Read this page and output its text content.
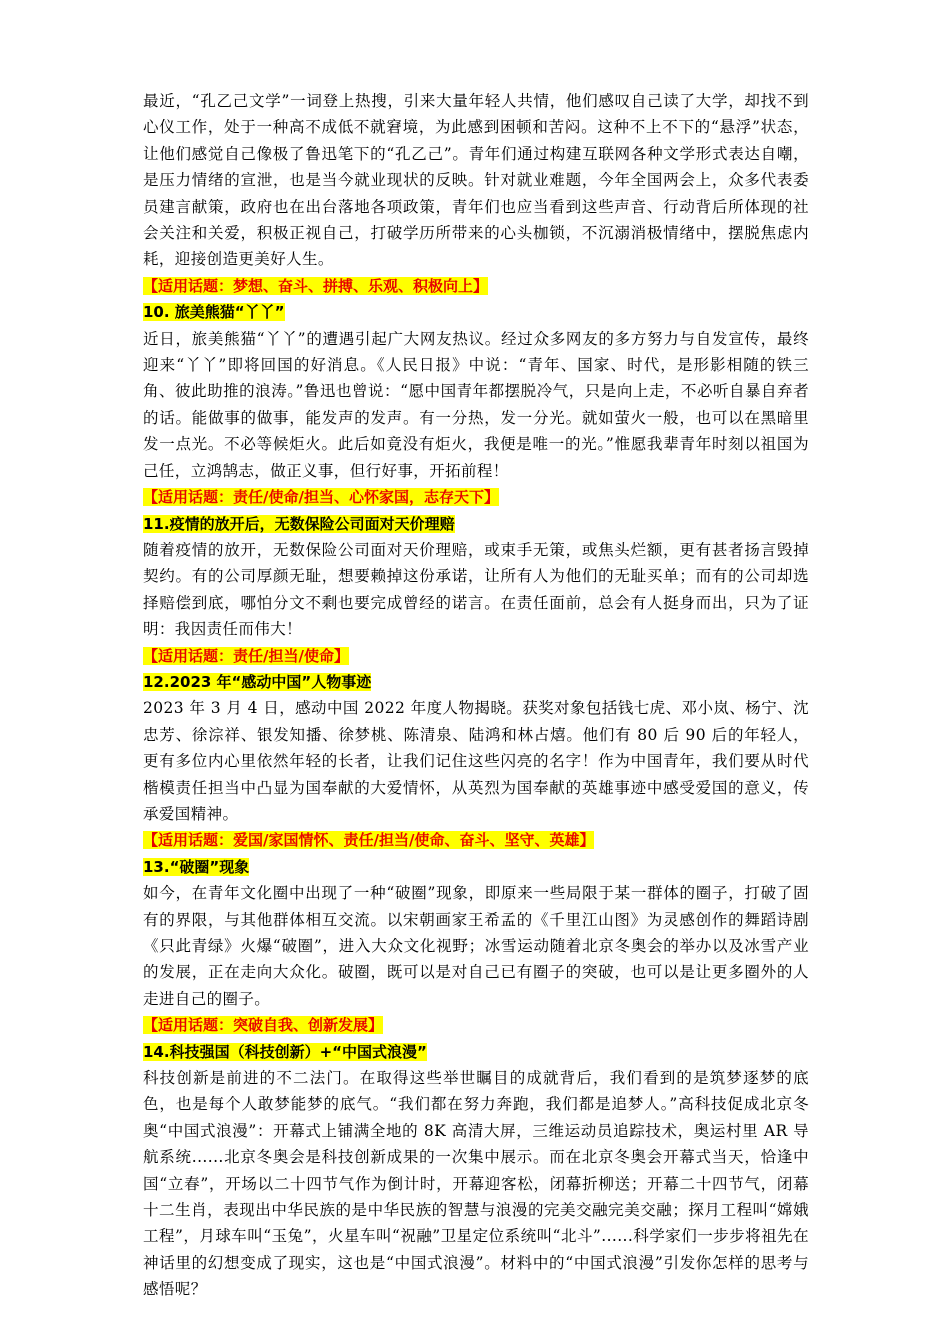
最近，“孔乙己文学”一词登上热搜，引来大量年轻人共情，他们感叹自己读了大学，却找不到心仪工作，处于一种高不成低不就窘境，为此感到困顿和苦闷。这种不上不下的“悬浮”状态，让他们感觉自己像极了鲁迅笔下的“孔乙己”。青年们通过构建互联网各种文学形式表达自嘲，是压力情绪的宣泄，也是当今就业现状的反映。针对就业难题，今年全国两会上，众多代表委员建言献策，政府也在出台落地各项政策，青年们也应当看到这些声音、行动背后所体现的社会关注和关爱，积极正视自己，打破学历所带来的心头枷锁，不沉溺消极情绪中，摆脱焦虑内耗，迎接创造更美好人生。

【适用话题：梦想、奋斗、拼搏、乐观、积极向上】

10. 旅美熊猫“丫丫”

近日，旅美熊猫“丫丫”的遭遇引起广大网友热议。经过众多网友的多方努力与自发宣传，最终迎来“丫丫”即将回国的好消息。《人民日报》中说：“青年、国家、时代，是形影相随的铁三角、彼此助推的浪涛。”鲁迅也曾说：“愿中国青年都摆脱冷气，只是向上走，不必听自暴自弃者的话。能做事的做事，能发声的发声。有一分热，发一分光。就如萤火一般，也可以在黑暗里发一点光。不必等候炬火。此后如竟没有炬火，我便是唯一的光。”惟愿我辈青年时刻以祖国为己任，立鸿鹄志，做正义事，但行好事，开拓前程！

【适用话题：责任/使命/担当、心怀家国，志存天下】

11.疫情的放开后，无数保险公司面对天价理赔

随着疫情的放开，无数保险公司面对天价理赔，或束手无策，或焦头烂额，更有甚者扬言毁掉契约。有的公司厚颜无耻，想要赖掉这份承诺，让所有人为他们的无耻买单；而有的公司却选择赔偿到底，哪怕分文不剩也要完成曾经的诺言。在责任面前，总会有人挺身而出，只为了证明：我因责任而伟大！

【适用话题：责任/担当/使命】

12.2023 年“感动中国”人物事迹

2023 年 3 月 4 日，感动中国 2022 年度人物揭晓。获奖对象包括钱七虎、邓小岚、杨宁、沈忠芳、徐淙祥、银发知播、徐梦桃、陈清泉、陆鸿和林占熺。他们有 80 后 90 后的年轻人，更有多位内心里依然年轻的长者，让我们记住这些闪亮的名字！作为中国青年，我们要从时代楷模责任担当中凸显为国奉献的大爱情怀，从英烈为国奉献的英雄事迹中感受爱国的意义，传承爱国精神。

【适用话题：爱国/家国情怀、责任/担当/使命、奋斗、坚守、英雄】

13.“破圈”现象

如今，在青年文化圈中出现了一种“破圈”现象，即原来一些局限于某一群体的圈子，打破了固有的界限，与其他群体相互交流。以宋朝画家王希孟的《千里江山图》为灵感创作的舞蹈诗剧《只此青绿》火爆“破圈”，进入大众文化视野；冰雪运动随着北京冬奥会的举办以及冰雪产业的发展，正在走向大众化。破圈，既可以是对自己已有圈子的突破，也可以是让更多圈外的人走进自己的圈子。

【适用话题：突破自我、创新发展】

14.科技强国（科技创新）+“中国式浪漫”

科技创新是前进的不二法门。在取得这些举世瞩目的成就背后，我们看到的是筑梦逐梦的底色，也是每个人敢梦能梦的底气。“我们都在努力奔跑，我们都是追梦人。”高科技促成北京冬奥“中国式浪漫”：开幕式上铺满全地的 8K 高清大屏，三维运动员追踪技术，奥运村里 AR 导航系统......北京冬奥会是科技创新成果的一次集中展示。而在北京冬奥会开幕式当天，恰逢中国“立春”，开场以二十四节气作为倒计时，开幕迎客松，闭幕折柳送；开幕二十四节气，闭幕十二生肖，表现出中华民族的是中华民族的智慧与浪漫的完美交融完美交融；探月工程叫“嫦娥工程”，月球车叫“玉兔”，火星车叫“祝融”卫星定位系统叫“北斗”......科学家们一步步将祖先在神话里的幻想变成了现实，这也是“中国式浪漫”。材料中的“中国式浪漫”引发你怎样的思考与感悟呢？
